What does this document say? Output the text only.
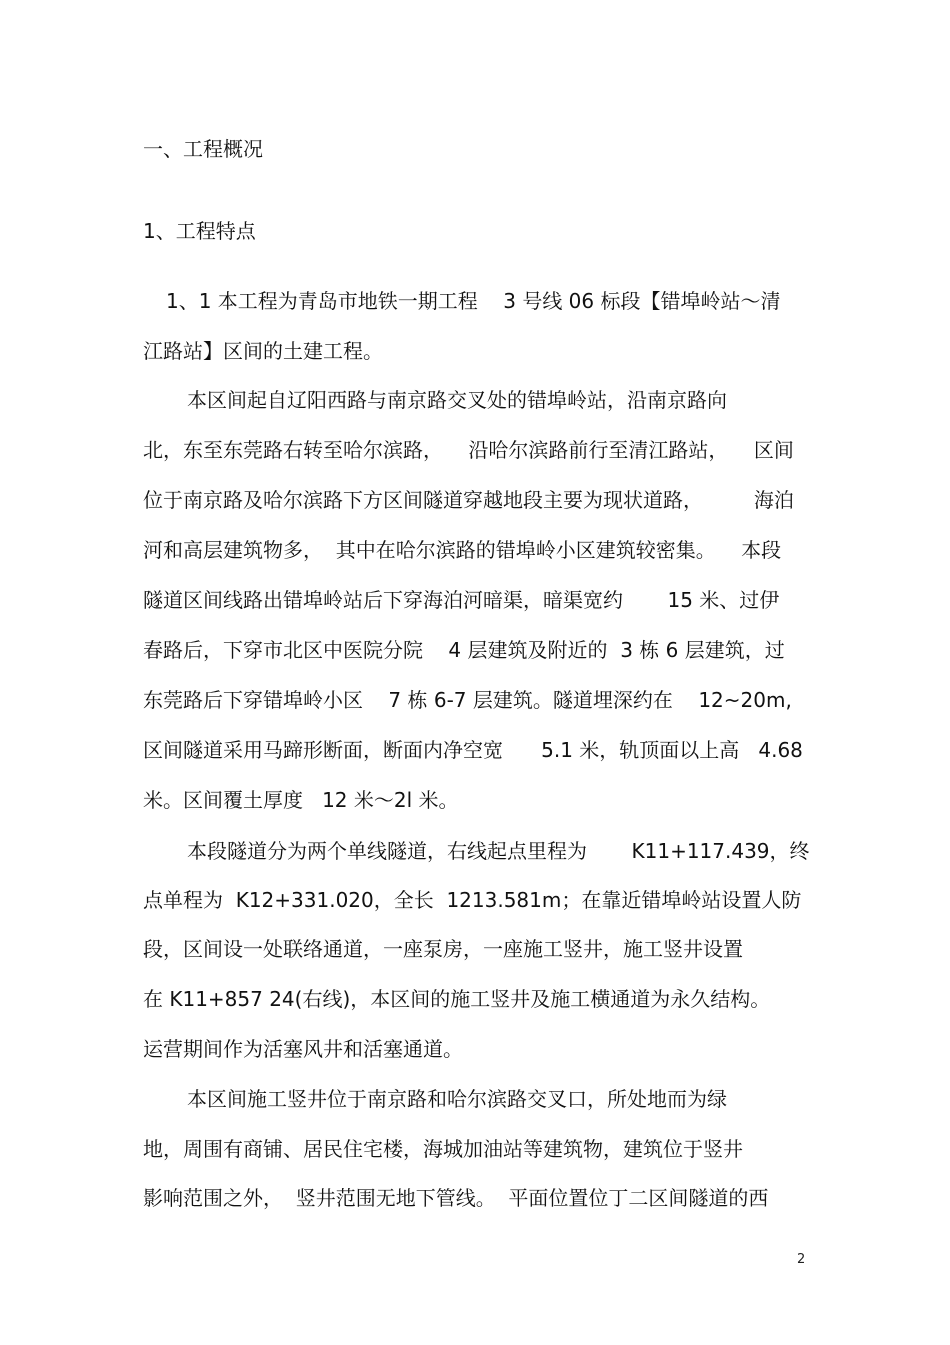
一、工程概况
1、工程特点
1、1 本工程为青岛市地铁一期工程    3 号线 06 标段【错埠岭站～清
江路站】区间的土建工程。
本区间起自辽阳西路与南京路交叉处的错埠岭站，沿南京路向
北，东至东莞路右转至哈尔滨路，    沿哈尔滨路前行至清江路站，    区间
位于南京路及哈尔滨路下方区间隧道穿越地段主要为现状道路，        海泊
河和高层建筑物多，  其中在哈尔滨路的错埠岭小区建筑较密集。    本段
隧道区间线路出错埠岭站后下穿海泊河暗渠，暗渠宽约       15 米、过伊
春路后，下穿市北区中医院分院    4 层建筑及附近的  3 栋 6 层建筑，过
东莞路后下穿错埠岭小区    7 栋 6-7 层建筑。隧道埋深约在    12~20m,
区间隧道采用马蹄形断面，断面内净空宽      5.1 米，轨顶面以上高   4.68
米。区间覆土厚度   12 米～2l 米。
本段隧道分为两个单线隧道，右线起点里程为       K11+117.439，终
点单程为  K12+331.020，全长  1213.581m；在靠近错埠岭站设置人防
段，区间设一处联络通道，一座泵房，一座施工竖井，施工竖井设置
在 K11+857 24(右线)，本区间的施工竖井及施工横通道为永久结构。
运营期间作为活塞风井和活塞通道。
本区间施工竖井位于南京路和哈尔滨路交叉口，所处地而为绿
地，周围有商铺、居民住宅楼，海城加油站等建筑物，建筑位于竖井
影响范围之外，  竖井范围无地下管线。  平面位置位丁二区间隧道的西
2
